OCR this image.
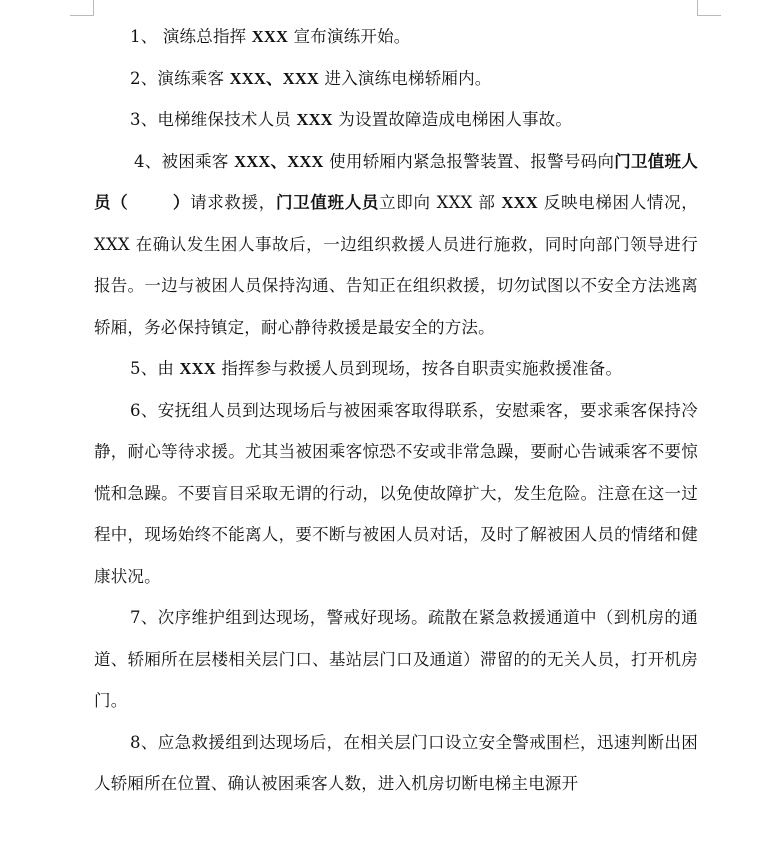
1、 演练总指挥 XXX 宣布演练开始。

2、演练乘客 XXX、XXX 进入演练电梯轿厢内。

3、电梯维保技术人员 XXX 为设置故障造成电梯困人事故。

4、被困乘客 XXX、XXX 使用轿厢内紧急报警装置、报警号码向门卫值班人员（	）请求救援，门卫值班人员立即向 XXX 部 XXX 反映电梯困人情况，XXX 在确认发生困人事故后，一边组织救援人员进行施救，同时向部门领导进行报告。一边与被困人员保持沟通、告知正在组织救援，切勿试图以不安全方法逃离轿厢，务必保持镇定，耐心静待救援是最安全的方法。

5、由 XXX 指挥参与救援人员到现场，按各自职责实施救援准备。

6、安抚组人员到达现场后与被困乘客取得联系，安慰乘客，要求乘客保持冷静，耐心等待求援。尤其当被困乘客惊恐不安或非常急躁，要耐心告诫乘客不要惊慌和急躁。不要盲目采取无谓的行动，以免使故障扩大，发生危险。注意在这一过程中，现场始终不能离人，要不断与被困人员对话，及时了解被困人员的情绪和健康状况。

7、次序维护组到达现场，警戒好现场。疏散在紧急救援通道中（到机房的通道、轿厢所在层楼相关层门口、基站层门口及通道）滞留的的无关人员，打开机房门。

8、应急救援组到达现场后，在相关层门口设立安全警戒围栏，迅速判断出困人轿厢所在位置、确认被困乘客人数，进入机房切断电梯主电源开
